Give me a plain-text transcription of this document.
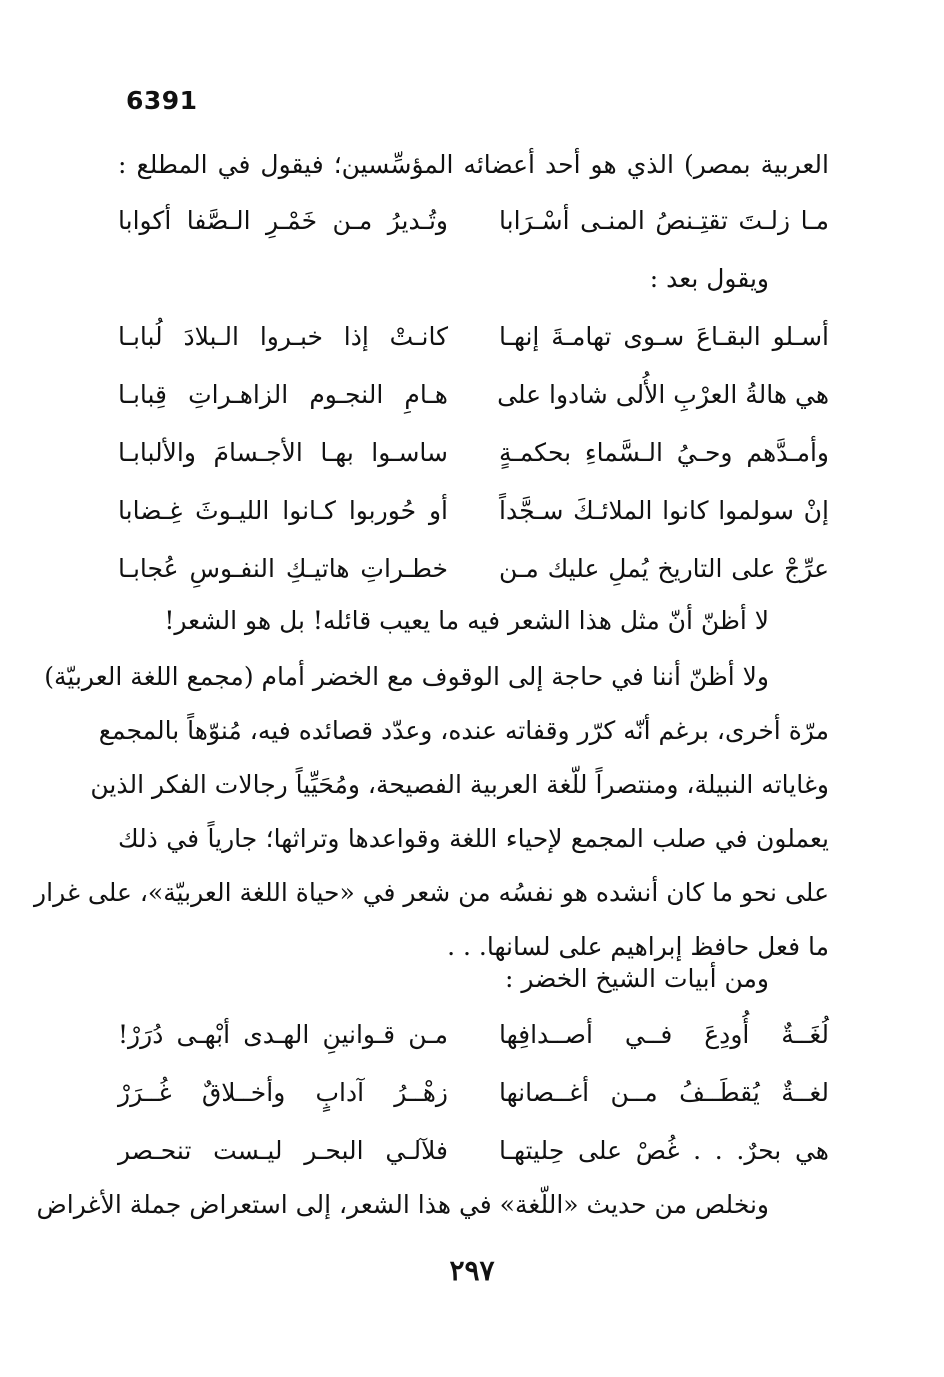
6391
العربية بمصر) الذي هو أحد أعضائه المؤسِّسين؛ فيقول في المطلع :
مـا زلـتَ تقتِـنصُ المنـى أسْـرَابا
وتُـديرُ مـن خَمْـرِ الـصَّفا أكوابا
ويقول بعد :
أسـلو البقـاعَ سـوى تهامـةَ إنهـا
كانـتْ إذا خبـروا الـبلادَ لُبابـا
هي هالةُ العرْبِ الأُلى شادوا على
هـامِ النجـوم الزاهـراتِ قِبابـا
وأمـدَّهم وحـيُ الـسَّماءِ بحكمـةٍ
ساسـوا بهـا الأجـسامَ والألبابـا
إنْ سولموا كانوا الملائـكَ سـجَّداً
أو حُوربوا كـانوا الليـوثَ غِـضابا
عرِّجْ على التاريخ يُملِ عليك مـن
خطـراتِ هاتيـكِ النفـوسِ عُجابـا
لا أظنّ أنّ مثل هذا الشعر فيه ما يعيب قائله! بل هو الشعر!
ولا أظنّ أننا في حاجة إلى الوقوف مع الخضر أمام (مجمع اللغة العربيّة)
مرّة أخرى، برغم أنّه كرّر وقفاته عنده، وعدّد قصائده فيه، مُنوّهاً بالمجمع
وغاياته النبيلة، ومنتصراً للّغة العربية الفصيحة، ومُحَيِّياً رجالات الفكر الذين
يعملون في صلب المجمع لإحياء اللغة وقواعدها وتراثها؛ جارياً في ذلك
على نحو ما كان أنشده هو نفسُه من شعر في «حياة اللغة العربيّة»، على غرار
ما فعل حافظ إبراهيم على لسانها. . .
ومن أبيات الشيخ الخضر :
لُغَــةٌ أُودِعَ فــي أصــدافِها
مـن قـوانينِ الهـدى أبْهـى دُرَرْ!
لغــةٌ يُقطَــفُ مــن أغــصانها
زهْــرُ آدابٍ وأخــلاقٌ غُــرَرْ
هي بحرٌ. . . غُصْ على حِليتهـا
فلآلـي البحـر ليـست تنحـصر
ونخلص من حديث «اللّغة» في هذا الشعر، إلى استعراض جملة الأغراض
٢٩٧
